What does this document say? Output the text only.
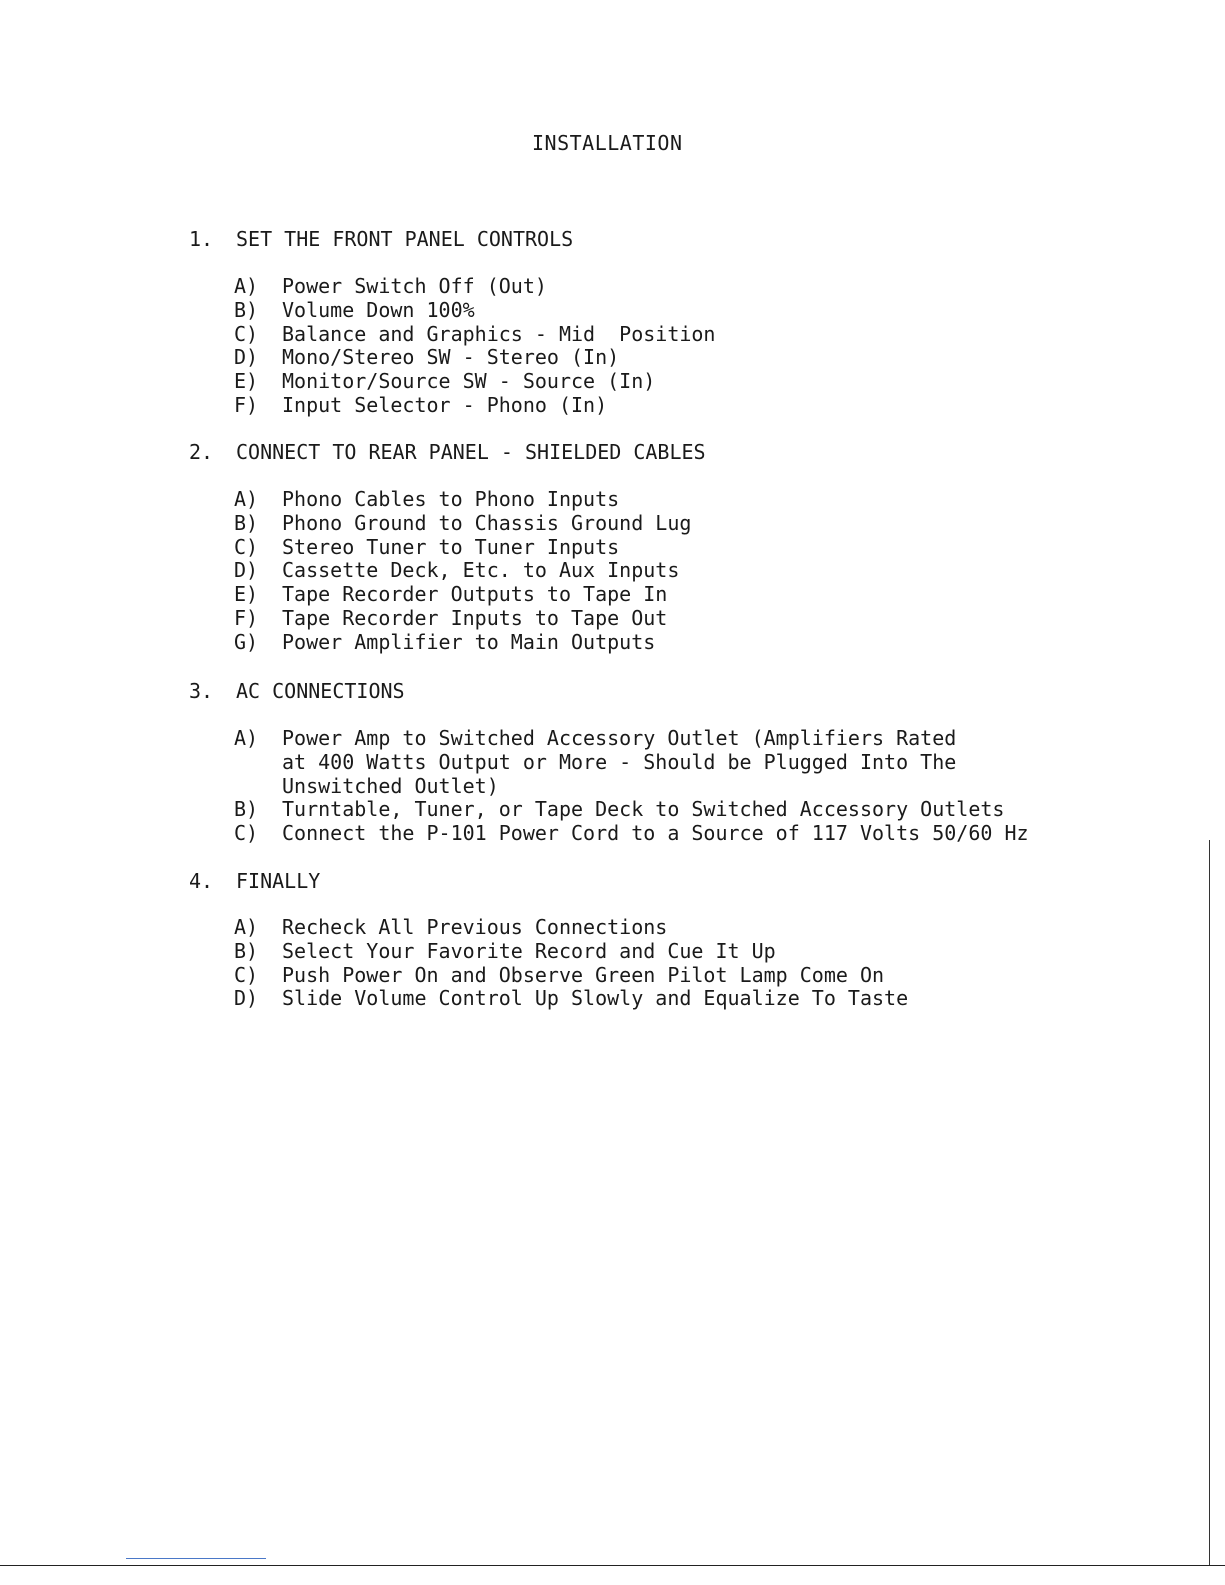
INSTALLATION

1.

SET THE FRONT PANEL CONTROLS

A) Power Switch Off (Out)
B) Volume Down 100%
C) Balance and Graphics - Mid  Position
D) Mono/Stereo SW - Stereo (In)
E) Monitor/Source SW - Source (In)
F) Input Selector - Phono (In)

2.

CONNECT TO REAR PANEL - SHIELDED CABLES

A) Phono Cables to Phono Inputs
B) Phono Ground to Chassis Ground Lug
C) Stereo Tuner to Tuner Inputs
D) Cassette Deck, Etc. to Aux Inputs
E) Tape Recorder Outputs to Tape In
F) Tape Recorder Inputs to Tape Out
G) Power Amplifier to Main Outputs

3.

AC CONNECTIONS

A) Power Amp to Switched Accessory Outlet (Amplifiers Rated
at 400 Watts Output or More - Should be Plugged Into The
Unswitched Outlet)
B) Turntable, Tuner, or Tape Deck to Switched Accessory Outlets
C) Connect the P-101 Power Cord to a Source of 117 Volts 50/60 Hz

4.

FINALLY

A) Recheck All Previous Connections
B) Select Your Favorite Record and Cue It Up
C) Push Power On and Observe Green Pilot Lamp Come On
D) Slide Volume Control Up Slowly and Equalize To Taste
